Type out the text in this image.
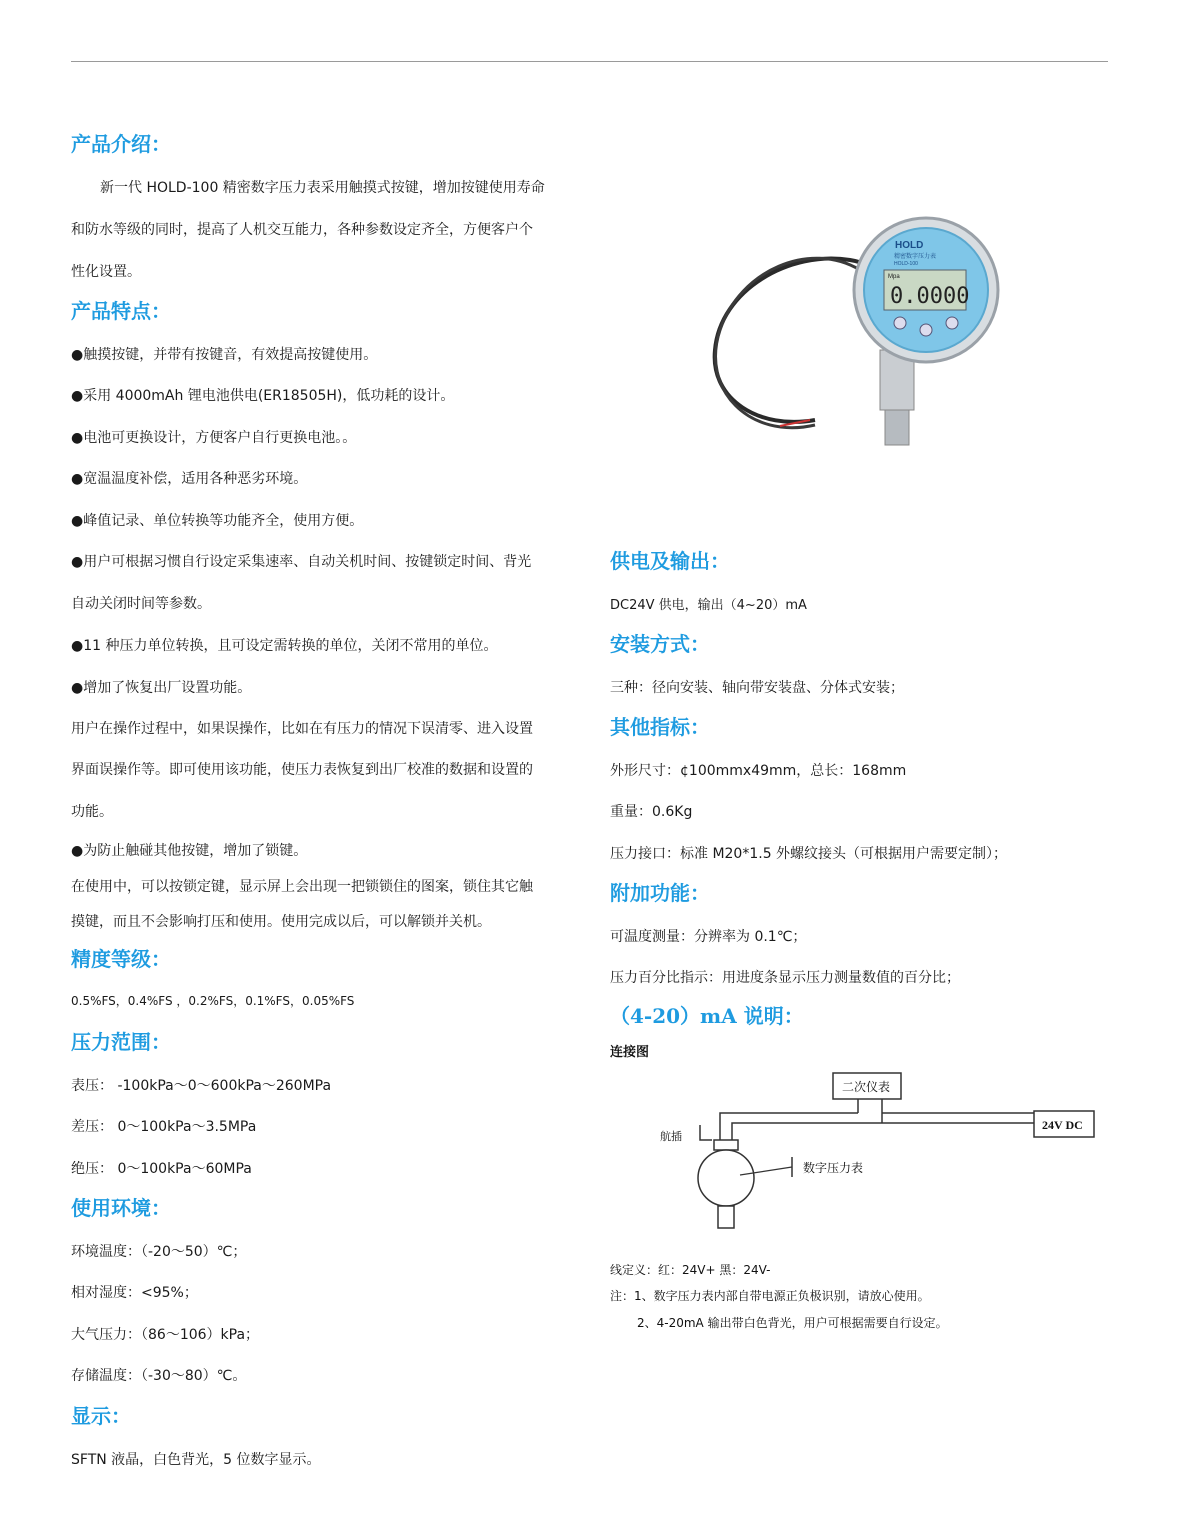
产品介绍：
新一代 HOLD-100 精密数字压力表采用触摸式按键，增加按键使用寿命
和防水等级的同时，提高了人机交互能力，各种参数设定齐全，方便客户个
性化设置。
产品特点：
●触摸按键，并带有按键音，有效提高按键使用。
●采用 4000mAh 锂电池供电(ER18505H)，低功耗的设计。
●电池可更换设计，方便客户自行更换电池。。
●宽温温度补偿，适用各种恶劣环境。
●峰值记录、单位转换等功能齐全，使用方便。
●用户可根据习惯自行设定采集速率、自动关机时间、按键锁定时间、背光
自动关闭时间等参数。
●11 种压力单位转换，且可设定需转换的单位，关闭不常用的单位。
●增加了恢复出厂设置功能。
用户在操作过程中，如果误操作，比如在有压力的情况下误清零、进入设置
界面误操作等。即可使用该功能，使压力表恢复到出厂校准的数据和设置的
功能。
●为防止触碰其他按键，增加了锁键。
在使用中，可以按锁定键，显示屏上会出现一把锁锁住的图案，锁住其它触
摸键，而且不会影响打压和使用。使用完成以后，可以解锁并关机。
精度等级：
0.5%FS，0.4%FS ，0.2%FS，0.1%FS，0.05%FS
压力范围：
表压： -100kPa～0～600kPa～260MPa
差压： 0～100kPa～3.5MPa
绝压： 0～100kPa～60MPa
使用环境：
环境温度：（-20～50）℃；
相对湿度：<95%；
大气压力：（86～106）kPa；
存储温度：（-30～80）℃。
显示：
SFTN 液晶，白色背光，5 位数字显示。
HOLD
精密数字压力表
HOLD-100
Mpa
0.0000
供电及输出：
DC24V 供电，输出（4~20）mA
安装方式：
三种：径向安装、轴向带安装盘、分体式安装；
其他指标：
外形尺寸：¢100mmx49mm，总长：168mm
重量：0.6Kg
压力接口：标准 M20*1.5 外螺纹接头（可根据用户需要定制）；
附加功能：
可温度测量：分辨率为 0.1℃；
压力百分比指示：用进度条显示压力测量数值的百分比；
（4-20）mA 说明：
连接图
二次仪表
24V DC
航插
数字压力表
线定义：红：24V+ 黑：24V-
注：1、数字压力表内部自带电源正负极识别，请放心使用。
2、4-20mA 输出带白色背光，用户可根据需要自行设定。
